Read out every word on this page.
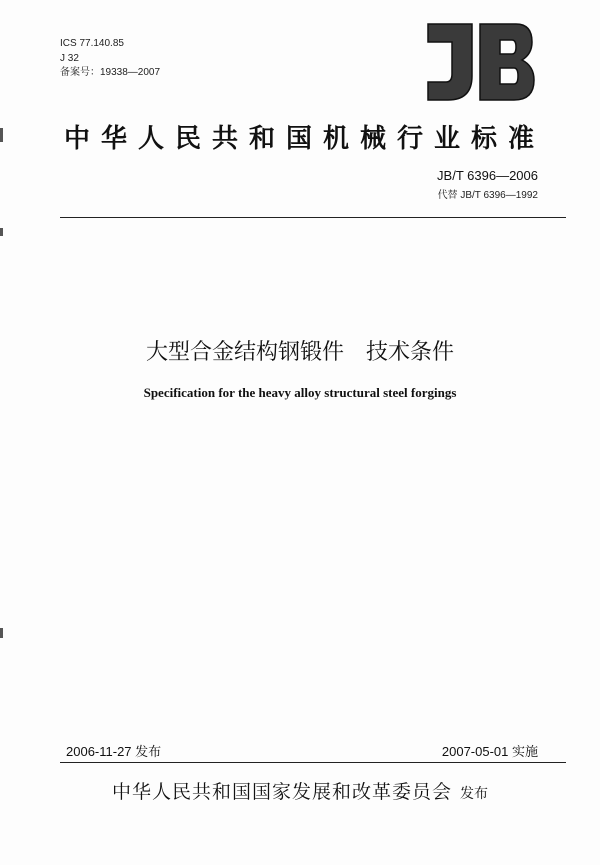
ICS 77.140.85
J 32
备案号：19338—2007
中华人民共和国机械行业标准
JB/T 6396—2006
代替 JB/T 6396—1992
大型合金结构钢锻件　技术条件
Specification for the heavy alloy structural steel forgings
2006-11-27 发布	2007-05-01 实施
中华人民共和国国家发展和改革委员会 发布
